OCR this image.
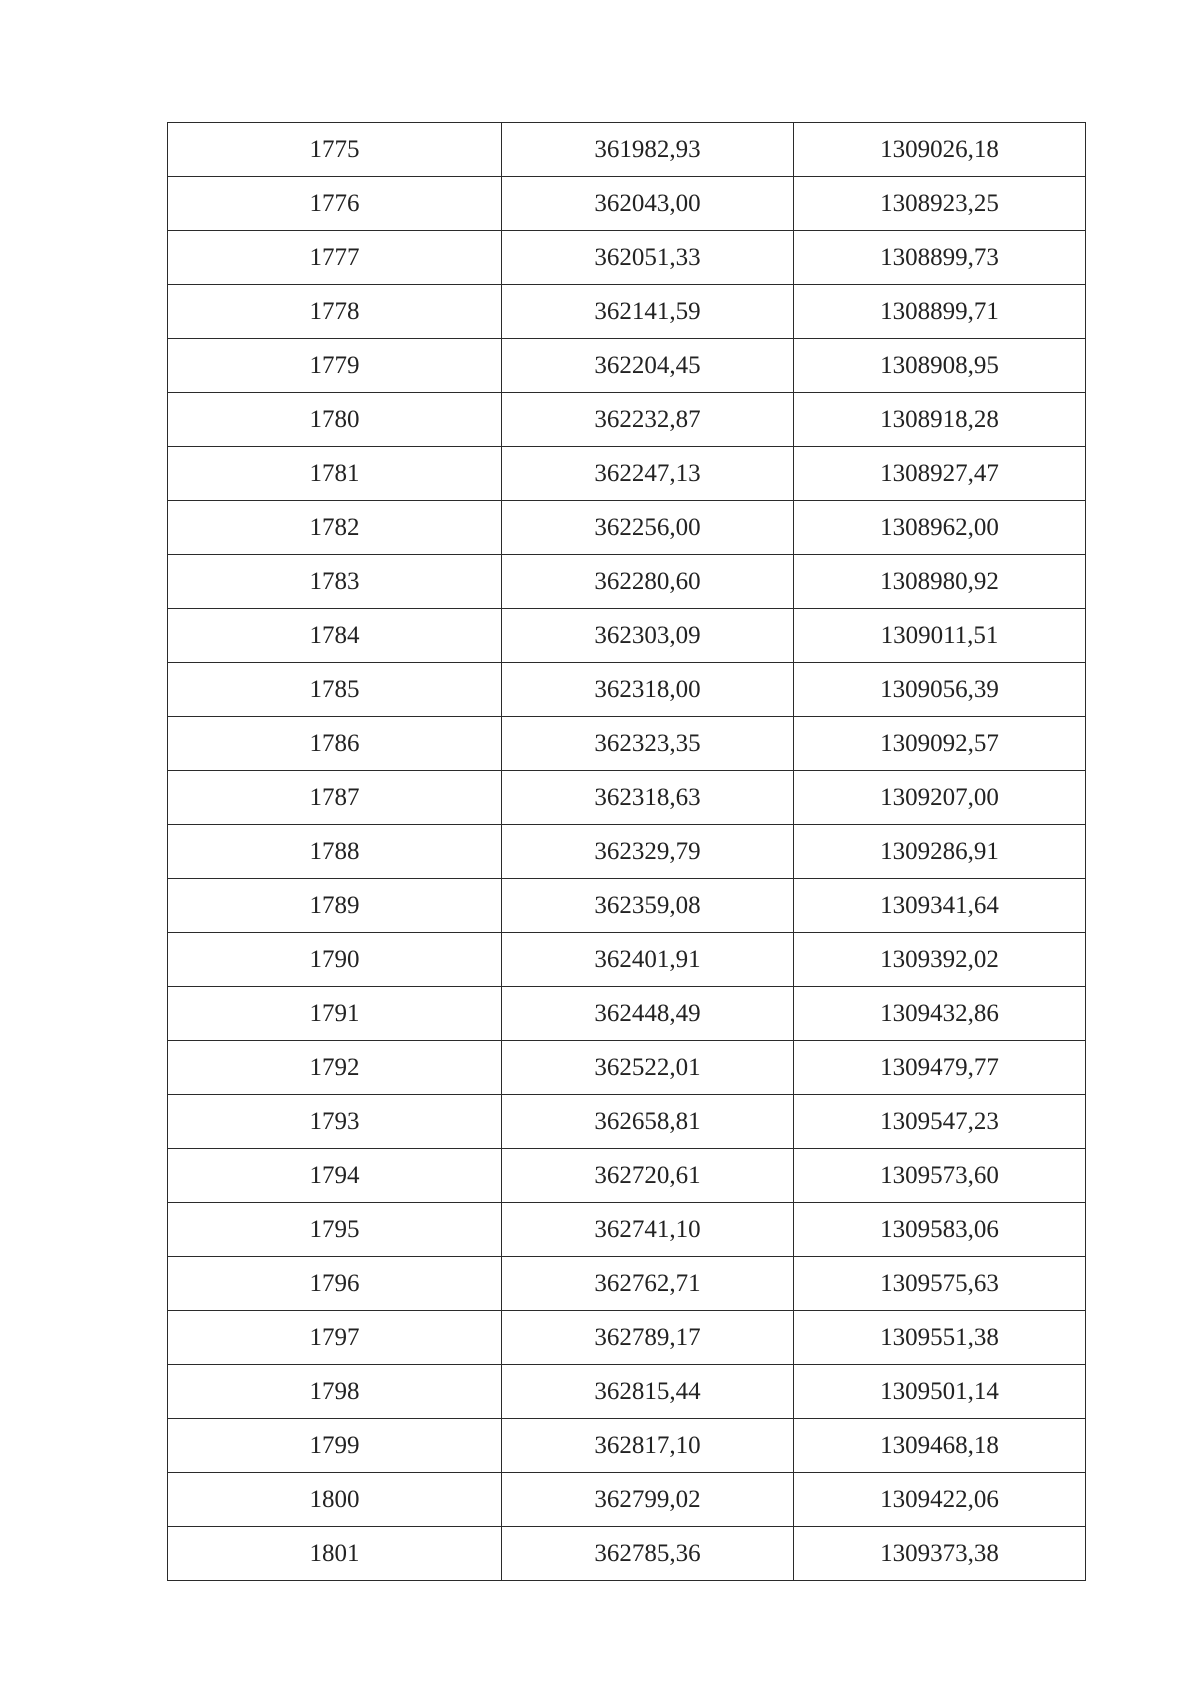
1775	361982,93	1309026,18
1776	362043,00	1308923,25
1777	362051,33	1308899,73
1778	362141,59	1308899,71
1779	362204,45	1308908,95
1780	362232,87	1308918,28
1781	362247,13	1308927,47
1782	362256,00	1308962,00
1783	362280,60	1308980,92
1784	362303,09	1309011,51
1785	362318,00	1309056,39
1786	362323,35	1309092,57
1787	362318,63	1309207,00
1788	362329,79	1309286,91
1789	362359,08	1309341,64
1790	362401,91	1309392,02
1791	362448,49	1309432,86
1792	362522,01	1309479,77
1793	362658,81	1309547,23
1794	362720,61	1309573,60
1795	362741,10	1309583,06
1796	362762,71	1309575,63
1797	362789,17	1309551,38
1798	362815,44	1309501,14
1799	362817,10	1309468,18
1800	362799,02	1309422,06
1801	362785,36	1309373,38
